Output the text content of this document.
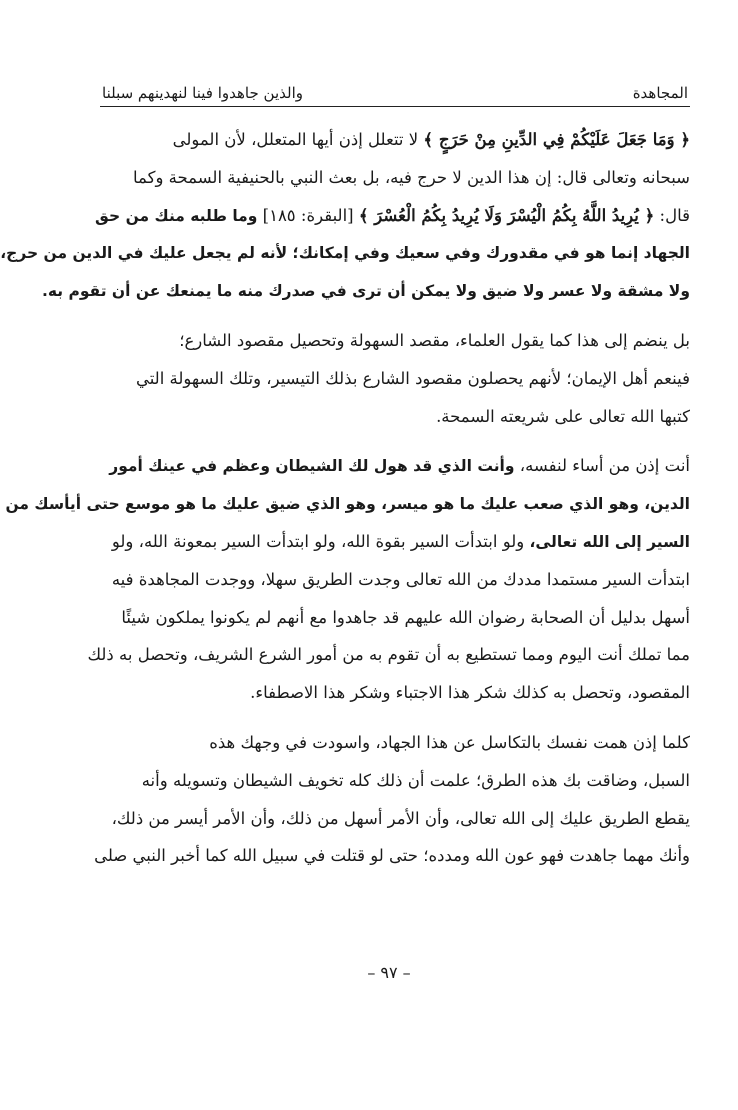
المجاهدة
والذين جاهدوا فينا لنهدينهم سبلنا
﴿ وَمَا جَعَلَ عَلَيْكُمْ فِي الدِّينِ مِنْ حَرَجٍ ﴾ لا تتعلل إذن أيها المتعلل، لأن المولى
سبحانه وتعالى قال: إن هذا الدين لا حرج فيه، بل بعث النبي بالحنيفية السمحة وكما
قال: ﴿ يُرِيدُ اللَّهُ بِكُمُ الْيُسْرَ وَلَا يُرِيدُ بِكُمُ الْعُسْرَ ﴾ [البقرة: ١٨٥] وما طلبه منك من حق
الجهاد إنما هو في مقدورك وفي سعيك وفي إمكانك؛ لأنه لم يجعل عليك في الدين من حرج،
ولا مشقة ولا عسر ولا ضيق ولا يمكن أن ترى في صدرك منه ما يمنعك عن أن تقوم به.
بل ينضم إلى هذا كما يقول العلماء، مقصد السهولة وتحصيل مقصود الشارع؛
فينعم أهل الإيمان؛ لأنهم يحصلون مقصود الشارع بذلك التيسير، وتلك السهولة التي
كتبها الله تعالى على شريعته السمحة.
أنت إذن من أساء لنفسه، وأنت الذي قد هول لك الشيطان وعظم في عينك أمور
الدين، وهو الذي صعب عليك ما هو ميسر، وهو الذي ضيق عليك ما هو موسع حتى أيأسك من
السير إلى الله تعالى، ولو ابتدأت السير بقوة الله، ولو ابتدأت السير بمعونة الله، ولو
ابتدأت السير مستمدا مددك من الله تعالى وجدت الطريق سهلا، ووجدت المجاهدة فيه
أسهل بدليل أن الصحابة رضوان الله عليهم قد جاهدوا مع أنهم لم يكونوا يملكون شيئًا
مما تملك أنت اليوم ومما تستطيع به أن تقوم به من أمور الشرع الشريف، وتحصل به ذلك
المقصود، وتحصل به كذلك شكر هذا الاجتباء وشكر هذا الاصطفاء.
كلما إذن همت نفسك بالتكاسل عن هذا الجهاد، واسودت في وجهك هذه
السبل، وضاقت بك هذه الطرق؛ علمت أن ذلك كله تخويف الشيطان وتسويله وأنه
يقطع الطريق عليك إلى الله تعالى، وأن الأمر أسهل من ذلك، وأن الأمر أيسر من ذلك،
وأنك مهما جاهدت فهو عون الله ومدده؛ حتى لو قتلت في سبيل الله كما أخبر النبي صلى
– ٩٧ –
